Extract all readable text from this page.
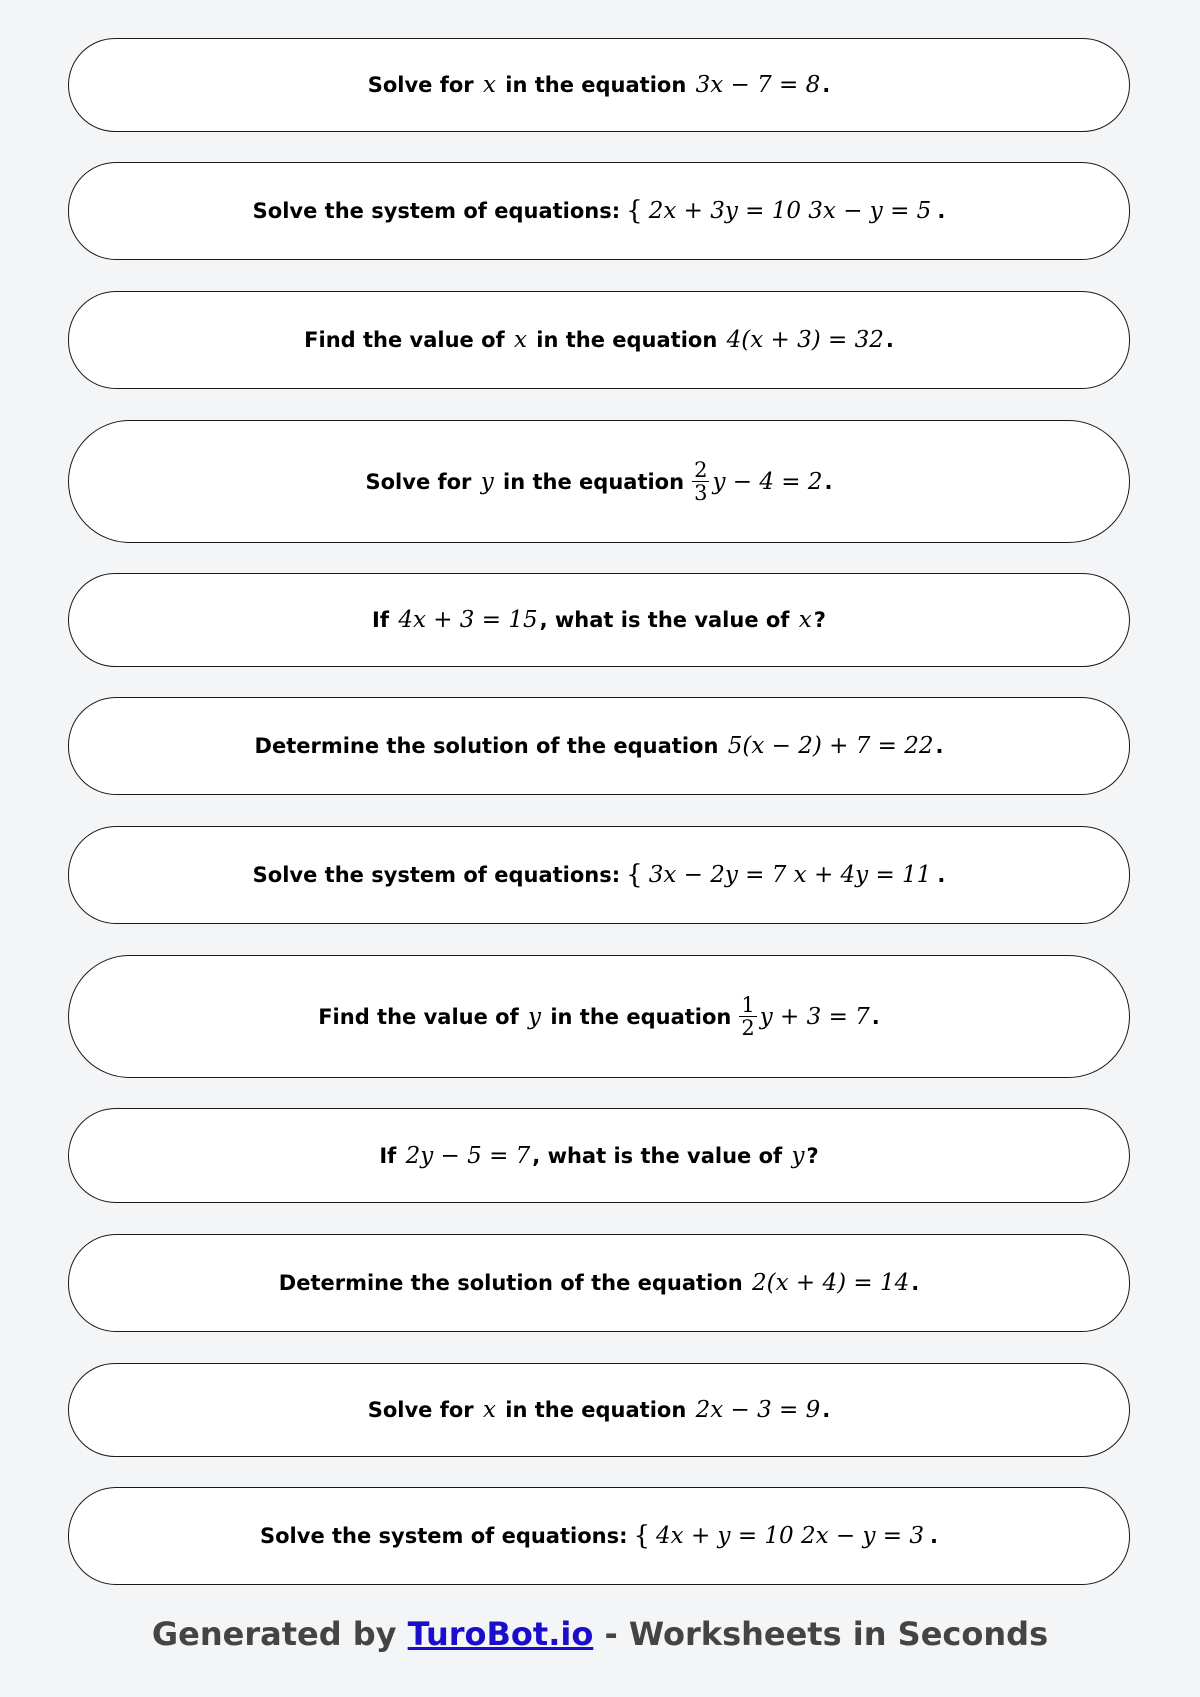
Solve for
x
in the equation
3x − 7 = 8 .
Solve the system of equations: { 2x + 3y = 10 3x − y = 5 .
Find the value of
x
in the equation
4(x + 3) = 32 .
Solve for
y
in the equation $\frac{2}{3}$ y − 4 = 2 .
If
4x + 3 = 15 , what is the value of
x ?
Determine the solution of the equation
5(x − 2) + 7 = 22 .
Solve the system of equations: { 3x − 2y = 7 x + 4y = 11 .
Find the value of
y
in the equation $\frac{1}{2}$ y + 3 = 7 .
If
2y − 5 = 7 , what is the value of
y ?
Determine the solution of the equation
2(x + 4) = 14 .
Solve for
x
in the equation
2x − 3 = 9 .
Solve the system of equations: { 4x + y = 10 2x − y = 3 .
Generated by TuroBot.io - Worksheets in Seconds
